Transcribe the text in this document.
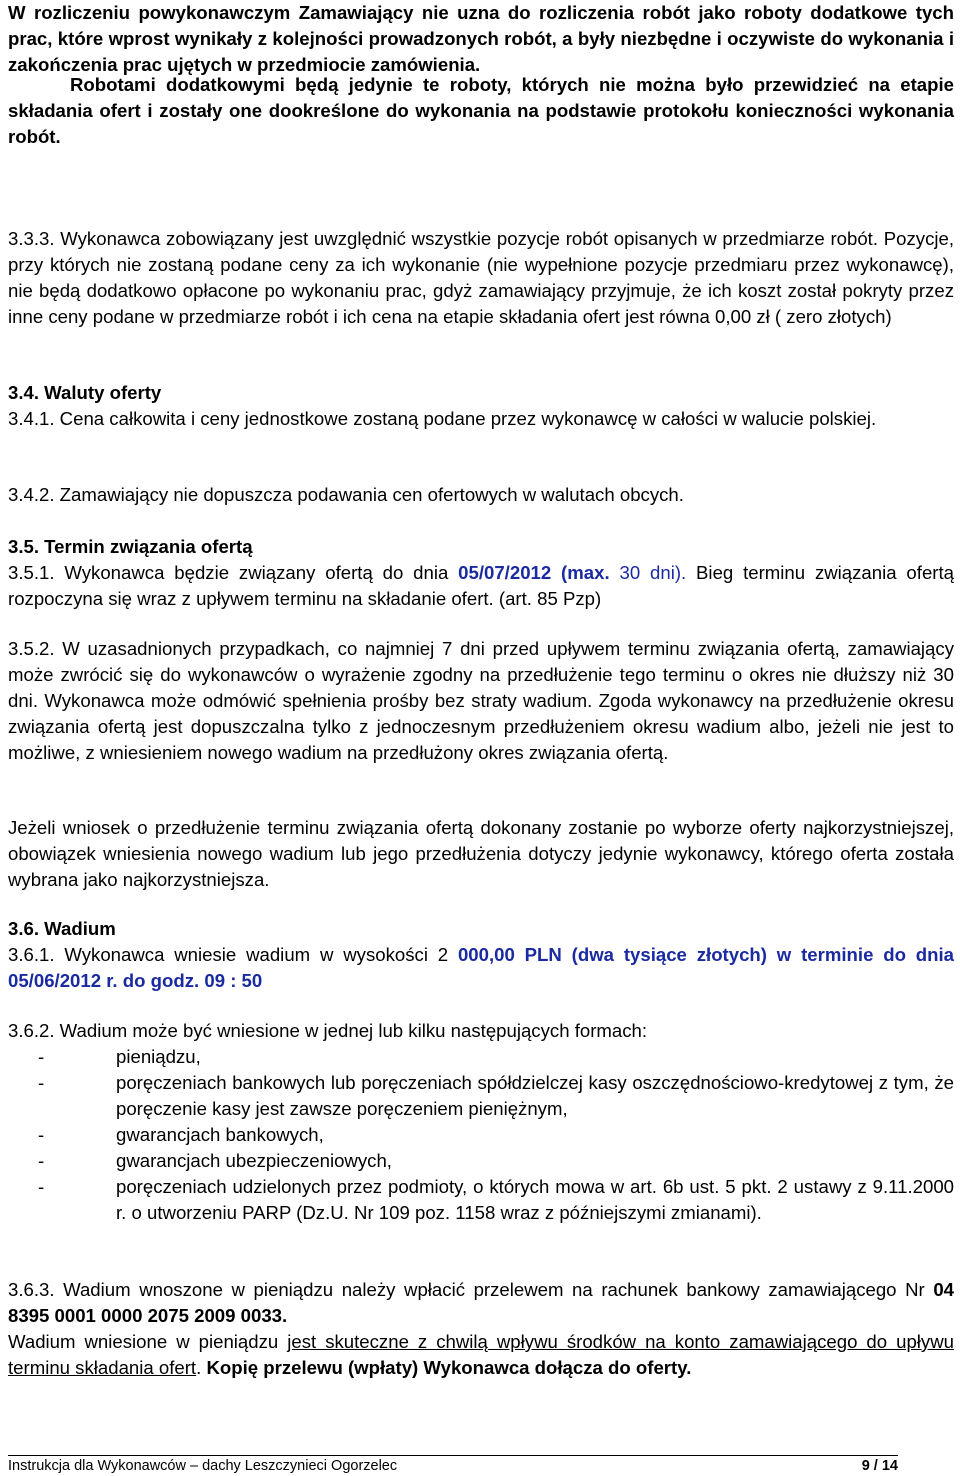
W rozliczeniu powykonawczym Zamawiający nie uzna do rozliczenia robót jako roboty dodatkowe tych prac, które wprost wynikały z kolejności prowadzonych robót, a były niezbędne i oczywiste do wykonania i zakończenia prac ujętych w przedmiocie zamówienia.

Robotami dodatkowymi będą jedynie te roboty, których nie można było przewidzieć na etapie składania ofert i zostały one dookreślone do wykonania na podstawie protokołu konieczności wykonania robót.

3.3.3. Wykonawca zobowiązany jest uwzględnić wszystkie pozycje robót opisanych w przedmiarze robót. Pozycje, przy których nie zostaną podane ceny za ich wykonanie (nie wypełnione pozycje przedmiaru przez wykonawcę), nie będą dodatkowo opłacone po wykonaniu prac, gdyż zamawiający przyjmuje, że ich koszt został pokryty przez inne ceny podane w przedmiarze robót i ich cena na etapie składania ofert jest równa 0,00 zł ( zero złotych)

3.4. Waluty oferty

3.4.1. Cena całkowita i ceny jednostkowe zostaną podane przez wykonawcę w całości w walucie polskiej.

3.4.2. Zamawiający nie dopuszcza podawania cen ofertowych w walutach obcych.

3.5. Termin związania ofertą

3.5.1. Wykonawca będzie związany ofertą do dnia 05/07/2012 (max. 30 dni). Bieg terminu związania ofertą rozpoczyna się wraz z upływem terminu na składanie ofert. (art. 85 Pzp)

3.5.2. W uzasadnionych przypadkach, co najmniej 7 dni przed upływem terminu związania ofertą, zamawiający może zwrócić się do wykonawców o wyrażenie zgodny na przedłużenie tego terminu o okres nie dłuższy niż 30 dni. Wykonawca może odmówić spełnienia prośby bez straty wadium. Zgoda wykonawcy na przedłużenie okresu związania ofertą jest dopuszczalna tylko z jednoczesnym przedłużeniem okresu wadium albo, jeżeli nie jest to możliwe, z wniesieniem nowego wadium na przedłużony okres związania ofertą.

Jeżeli wniosek o przedłużenie terminu związania ofertą dokonany zostanie po wyborze oferty najkorzystniejszej, obowiązek wniesienia nowego wadium lub jego przedłużenia dotyczy jedynie wykonawcy, którego oferta została wybrana jako najkorzystniejsza.

3.6. Wadium

3.6.1. Wykonawca wniesie wadium w wysokości 2 000,00 PLN (dwa tysiące złotych) w terminie do dnia 05/06/2012 r. do godz. 09 : 50

3.6.2. Wadium może być wniesione w jednej lub kilku następujących formach:

-	pieniądzu,
-	poręczeniach bankowych lub poręczeniach spółdzielczej kasy oszczędnościowo-kredytowej z tym, że poręczenie kasy jest zawsze poręczeniem pieniężnym,
-	gwarancjach bankowych,
-	gwarancjach ubezpieczeniowych,
-	poręczeniach udzielonych przez podmioty, o których mowa w art. 6b ust. 5 pkt. 2 ustawy z 9.11.2000 r. o utworzeniu PARP (Dz.U. Nr 109 poz. 1158 wraz z późniejszymi zmianami).

3.6.3. Wadium wnoszone w pieniądzu należy wpłacić przelewem na rachunek bankowy zamawiającego Nr 04 8395 0001 0000 2075 2009 0033.

Wadium wniesione w pieniądzu jest skuteczne z chwilą wpływu środków na konto zamawiającego do upływu terminu składania ofert. Kopię przelewu (wpłaty) Wykonawca dołącza do oferty.

Instrukcja dla Wykonawców – dachy Leszczynieci Ogorzelec	9 / 14
